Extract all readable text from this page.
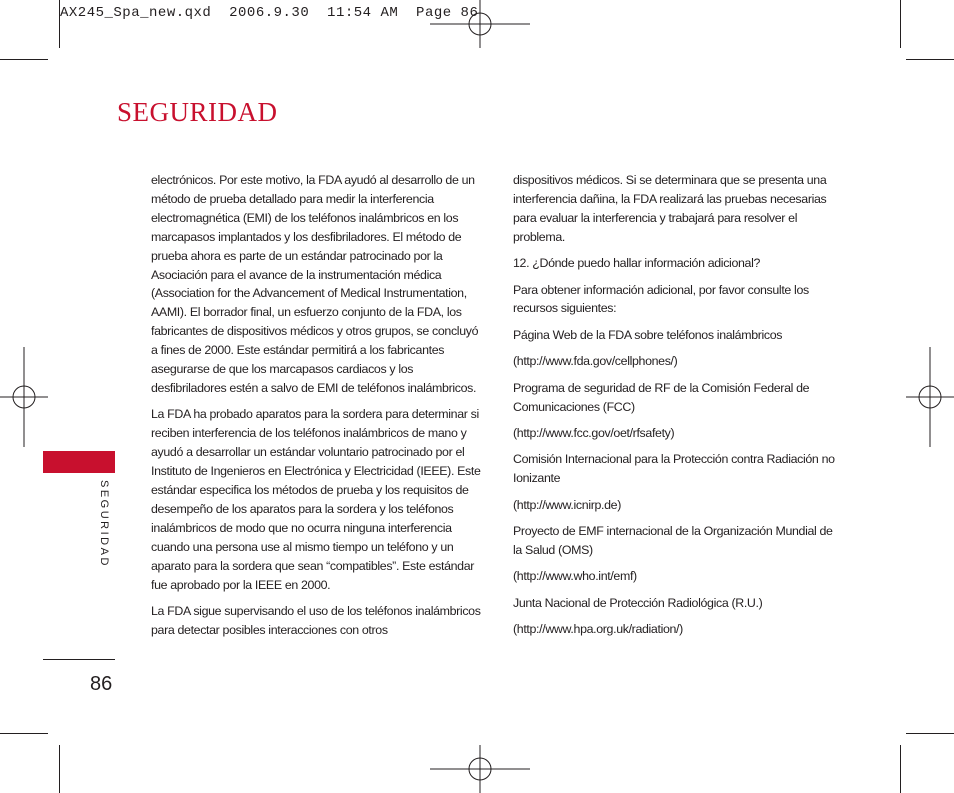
AX245_Spa_new.qxd  2006.9.30  11:54 AM  Page 86
SEGURIDAD
SEGURIDAD
86

electrónicos. Por este motivo, la FDA ayudó al desarrollo de un método de prueba detallado para medir la interferencia electromagnética (EMI) de los teléfonos inalámbricos en los marcapasos implantados y los desfibriladores. El método de prueba ahora es parte de un estándar patrocinado por la Asociación para el avance de la instrumentación médica (Association for the Advancement of Medical Instrumentation, AAMI). El borrador final, un esfuerzo conjunto de la FDA, los fabricantes de dispositivos médicos y otros grupos, se concluyó a fines de 2000. Este estándar permitirá a los fabricantes asegurarse de que los marcapasos cardiacos y los desfibriladores estén a salvo de EMI de teléfonos inalámbricos.

La FDA ha probado aparatos para la sordera para determinar si reciben interferencia de los teléfonos inalámbricos de mano y ayudó a desarrollar un estándar voluntario patrocinado por el Instituto de Ingenieros en Electrónica y Electricidad (IEEE). Este estándar especifica los métodos de prueba y los requisitos de desempeño de los aparatos para la sordera y los teléfonos inalámbricos de modo que no ocurra ninguna interferencia cuando una persona use al mismo tiempo un teléfono y un aparato para la sordera que sean “compatibles”. Este estándar fue aprobado por la IEEE en 2000.

La FDA sigue supervisando el uso de los teléfonos inalámbricos para detectar posibles interacciones con otros

dispositivos médicos. Si se determinara que se presenta una interferencia dañina, la FDA realizará las pruebas necesarias para evaluar la interferencia y trabajará para resolver el problema.

12. ¿Dónde puedo hallar información adicional?

Para obtener información adicional, por favor consulte los recursos siguientes:

Página Web de la FDA sobre teléfonos inalámbricos

(http://www.fda.gov/cellphones/)

Programa de seguridad de RF de la Comisión Federal de Comunicaciones (FCC)

(http://www.fcc.gov/oet/rfsafety)

Comisión Internacional para la Protección contra Radiación no Ionizante

(http://www.icnirp.de)

Proyecto de EMF internacional de la Organización Mundial de la Salud (OMS)

(http://www.who.int/emf)

Junta Nacional de Protección Radiológica (R.U.)

(http://www.hpa.org.uk/radiation/)
